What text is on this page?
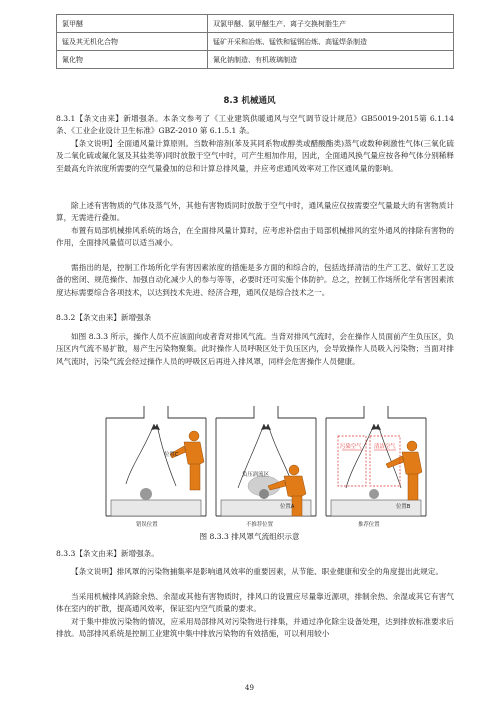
氯甲醚	双氯甲醚、氯甲醚生产、离子交换树脂生产
锰及其无机化合物	锰矿开采和冶炼、锰铁和锰钢冶炼、高锰焊条制造
氰化物	氰化钠制造、有机玻璃制造
8.3 机械通风

8.3.1【条文由来】新增强条。本条文参考了《工业建筑供暖通风与空气调节设计规范》GB50019-2015第 6.1.14 条、《工业企业设计卫生标准》GBZ-2010 第 6.1.5.1 条。

【条文说明】全面通风量计算原则。当数种溶剂(苯及其同系物或醇类或醋酸酯类)蒸气或数种刺激性气体(三氧化硫及二氧化硫或氟化氢及其盐类等)同时放散于空气中时，可产生相加作用，因此，全面通风换气量应按各种气体分别稀释至最高允许浓度所需要的空气量叠加的总和计算总排风量，并应考虑通风效率对工作区通风量的影响。

除上述有害物质的气体及蒸气外，其他有害物质同时放散于空气中时，通风量应仅按需要空气量最大的有害物质计算，无需进行叠加。

布置有局部机械排风系统的场合，在全面排风量计算时，应考虑补偿由于局部机械排风的室外通风的排除有害物的作用，全面排风量值可以适当减小。

需指出的是，控制工作场所化学有害因素浓度的措施是多方面的和综合的，包括选择清洁的生产工艺、做好工艺设备的密闭、规范操作、加强自动化减少人的参与等等，必要时还可实施个体防护。总之，控制工作场所化学有害因素浓度达标需要综合各项技术，以达到技术先进、经济合理，通风仅是综合技术之一。

8.3.2【条文由来】新增强条

如图 8.3.3 所示，操作人员不应该面向或者背对排风气流。当背对排风气流时，会在操作人员面前产生负压区，负压区内气流不易扩散，易产生污染物聚集。此时操作人员呼吸区处于负压区内，会导致操作人员吸入污染物；当面对排风气流时，污染气流会经过操作人员的呼吸区后再进入排风罩，同样会危害操作人员健康。

位置C
负压涡流区
位置A
污染空气 清洁空气
位置B
错误位置	不推荐位置	推荐位置
图 8.3.3 排风罩气流组织示意

8.3.3【条文由来】新增强条。

【条文说明】排风罩的污染物捕集率是影响通风效率的重要因素，从节能、职业健康和安全的角度提出此规定。

当采用机械排风消除余热、余湿或其他有害物质时，排风口的设置应尽量靠近源项，排制余热、余湿或其它有害气体在室内的扩散，提高通风效率，保证室内空气质量的要求。

对于集中排放污染物的情况，应采用局部排风对污染物进行排集，并通过净化除尘设备处理，达到排放标准要求后排放。局部排风系统是控制工业建筑中集中排放污染物的有效措施，可以利用较小

49
